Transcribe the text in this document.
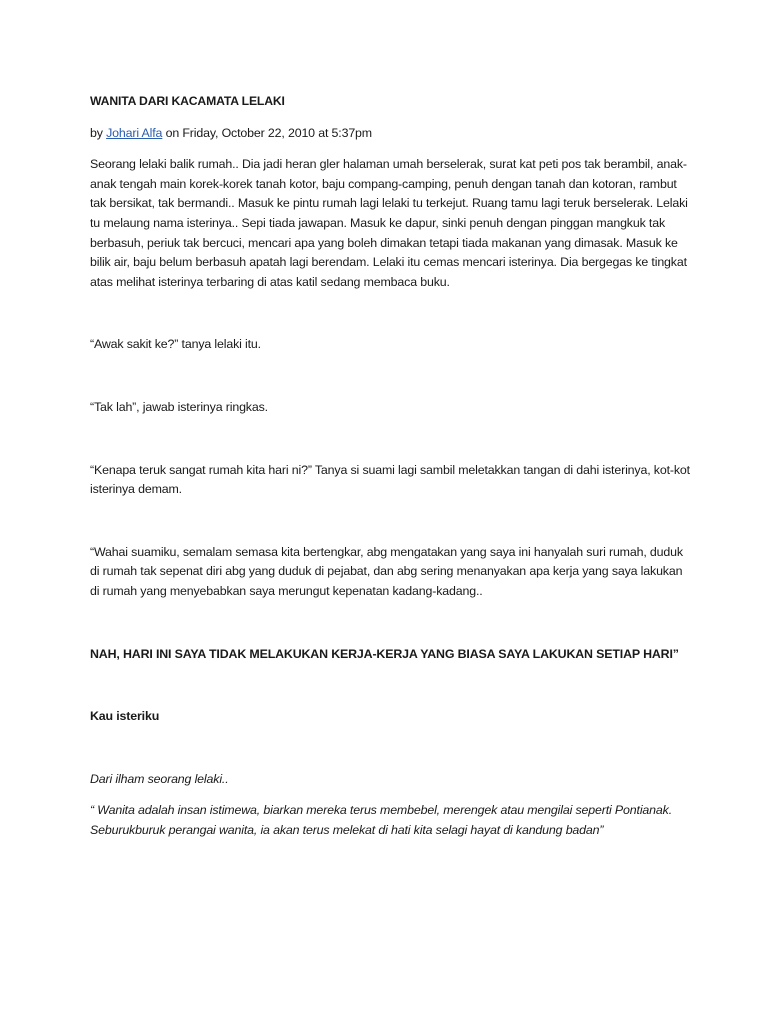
WANITA DARI KACAMATA LELAKI

by Johari Alfa on Friday, October 22, 2010 at 5:37pm

Seorang lelaki balik rumah.. Dia jadi heran gler halaman umah berselerak, surat kat peti pos tak berambil, anak-anak tengah main korek-korek tanah kotor, baju compang-camping, penuh dengan tanah dan kotoran, rambut tak bersikat, tak bermandi.. Masuk ke pintu rumah lagi lelaki tu terkejut. Ruang tamu lagi teruk berselerak. Lelaki tu melaung nama isterinya.. Sepi tiada jawapan. Masuk ke dapur, sinki penuh dengan pinggan mangkuk tak berbasuh, periuk tak bercuci, mencari apa yang boleh dimakan tetapi tiada makanan yang dimasak. Masuk ke bilik air, baju belum berbasuh apatah lagi berendam. Lelaki itu cemas mencari isterinya. Dia bergegas ke tingkat atas melihat isterinya terbaring di atas katil sedang membaca buku.

“Awak sakit ke?” tanya lelaki itu.

“Tak lah”, jawab isterinya ringkas.

“Kenapa teruk sangat rumah kita hari ni?” Tanya si suami lagi sambil meletakkan tangan di dahi isterinya, kot-kot isterinya demam.

“Wahai suamiku, semalam semasa kita bertengkar, abg mengatakan yang saya ini hanyalah suri rumah, duduk di rumah tak sepenat diri abg yang duduk di pejabat, dan abg sering menanyakan apa kerja yang saya lakukan di rumah yang menyebabkan saya merungut kepenatan kadang-kadang..

NAH, HARI INI SAYA TIDAK MELAKUKAN KERJA-KERJA YANG BIASA SAYA LAKUKAN SETIAP HARI”

Kau isteriku

Dari ilham seorang lelaki..

“ Wanita adalah insan istimewa, biarkan mereka terus membebel, merengek atau mengilai seperti Pontianak. Seburukburuk perangai wanita, ia akan terus melekat di hati kita selagi hayat di kandung badan”
